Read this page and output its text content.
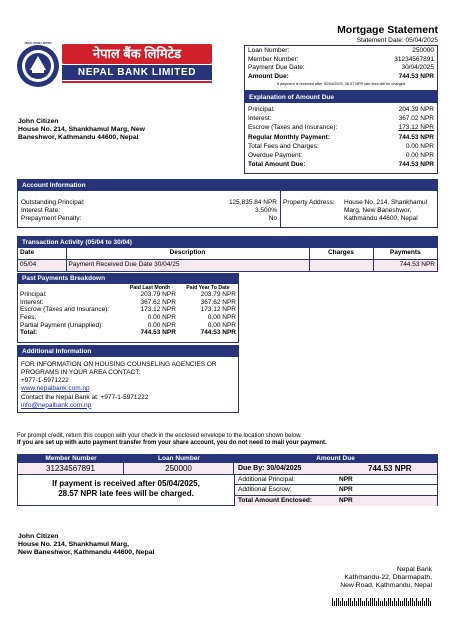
Mortgage Statement
Statement Date: 05/04/2025
NEPAL BANK LIMITED
नेपाल बैंक लिमिटेड
NEPAL BANK LIMITED
Loan Number:	250000
Member Number:	31234567891
Payment Due Date:	30/04/2025
Amount Due:	744.53 NPR
If payment is received after 30/04/2025, 28.57 NPR late fees will be charged
John Citizen
House No. 214, Shankhamul Marg, New
Baneshwor, Kathmandu 44600, Nepal
Explanation of Amount Due
Principal:	204.39 NPR
Interest:	367.02 NPR
Escrow (Taxes and Insurance):	173.12 NPR
Regular Monthly Payment:	744.53 NPR
Total Fees and Charges:	0.00 NPR
Overdue Payment:	0.00 NPR
Total Amount Due:	744.53 NPR
Account Information
Outstanding Principal:	125,835.84 NPR
Interest Rate:	3.500%
Prepayment Penalty:	No
Property Address: House No. 214, Shankhamul
Marg, New Baneshwor,
Kathmandu 44600, Nepal
Transaction Activity (05/04 to 30/04)
Date	Description	Charges	Payments
05/04	Payment Received Due Date 30/04/25		744.53 NPR
Past Payments Breakdown
	Paid Last Month	Paid Year To Date
Principal:	203.79 NPR	203.79 NPR
Interest:	367.62 NPR	367.62 NPR
Escrow (Taxes and Insurance):	173.12 NPR	173.12 NPR
Fees:	0.00 NPR	0.00 NPR
Partial Payment (Unapplied):	0.00 NPR	0.00 NPR
Total:	744.53 NPR	744.53 NPR
Additional Information
FOR INFORMATION ON HOUSING COUNSELING AGENCIES OR
PROGRAMS IN YOUR AREA CONTACT:
+977-1-5971222
www.nepalbank.com.np
Contact the Nepal Bank at: +977-1-5971222
info@nepalbank.com.np
For prompt credit, return this coupon with your check in the enclosed envelope to the location shown below.
If you are set up with auto payment transfer from your share account, you do not need to mail your payment.
Member Number	Loan Number	Amount Due
31234567891	250000	Due By: 30/04/2025	744.53 NPR
If payment is received after 05/04/2025,
28.57 NPR late fees will be charged.
Additional Principal:	NPR
Additional Escrow:	NPR
Total Amount Enclosed:	NPR
John Citizen
House No. 214, Shankhamul Marg,
New Baneshwor, Kathmandu 44600, Nepal
Nepal Bank
Kathmandu-22, Dharmapath,
New Road, Kathmandu, Nepal
